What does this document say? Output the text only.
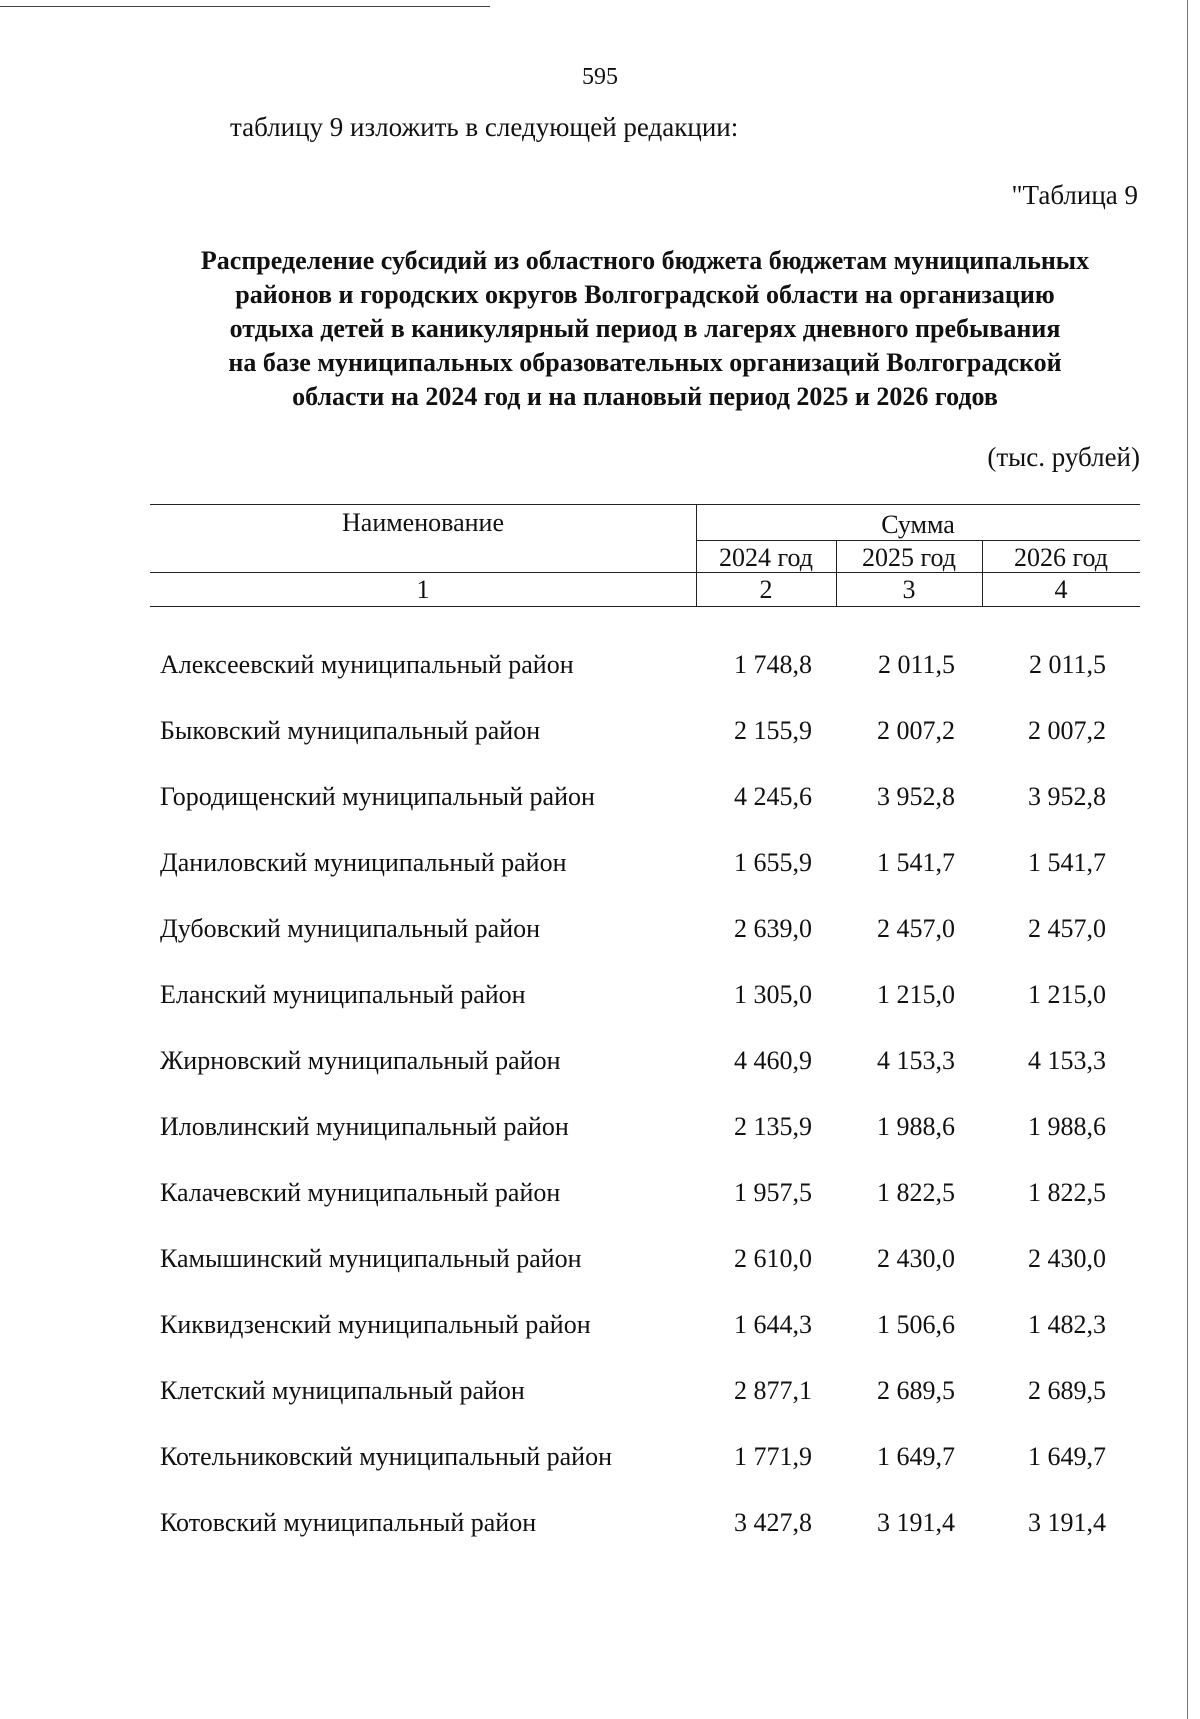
595
таблицу 9 изложить в следующей редакции:
"Таблица 9
Распределение субсидий из областного бюджета бюджетам муниципальных
районов и городских округов Волгоградской области на организацию
отдыха детей в каникулярный период в лагерях дневного пребывания
на базе муниципальных образовательных организаций Волгоградской
области на 2024 год и на плановый период 2025 и 2026 годов
(тыс. рублей)
Наименование	Сумма
2024 год	2025 год	2026 год
1	2	3	4
Алексеевский муниципальный район	1 748,8	2 011,5	2 011,5
Быковский муниципальный район	2 155,9	2 007,2	2 007,2
Городищенский муниципальный район	4 245,6	3 952,8	3 952,8
Даниловский муниципальный район	1 655,9	1 541,7	1 541,7
Дубовский муниципальный район	2 639,0	2 457,0	2 457,0
Еланский муниципальный район	1 305,0	1 215,0	1 215,0
Жирновский муниципальный район	4 460,9	4 153,3	4 153,3
Иловлинский муниципальный район	2 135,9	1 988,6	1 988,6
Калачевский муниципальный район	1 957,5	1 822,5	1 822,5
Камышинский муниципальный район	2 610,0	2 430,0	2 430,0
Киквидзенский муниципальный район	1 644,3	1 506,6	1 482,3
Клетский муниципальный район	2 877,1	2 689,5	2 689,5
Котельниковский муниципальный район	1 771,9	1 649,7	1 649,7
Котовский муниципальный район	3 427,8	3 191,4	3 191,4
